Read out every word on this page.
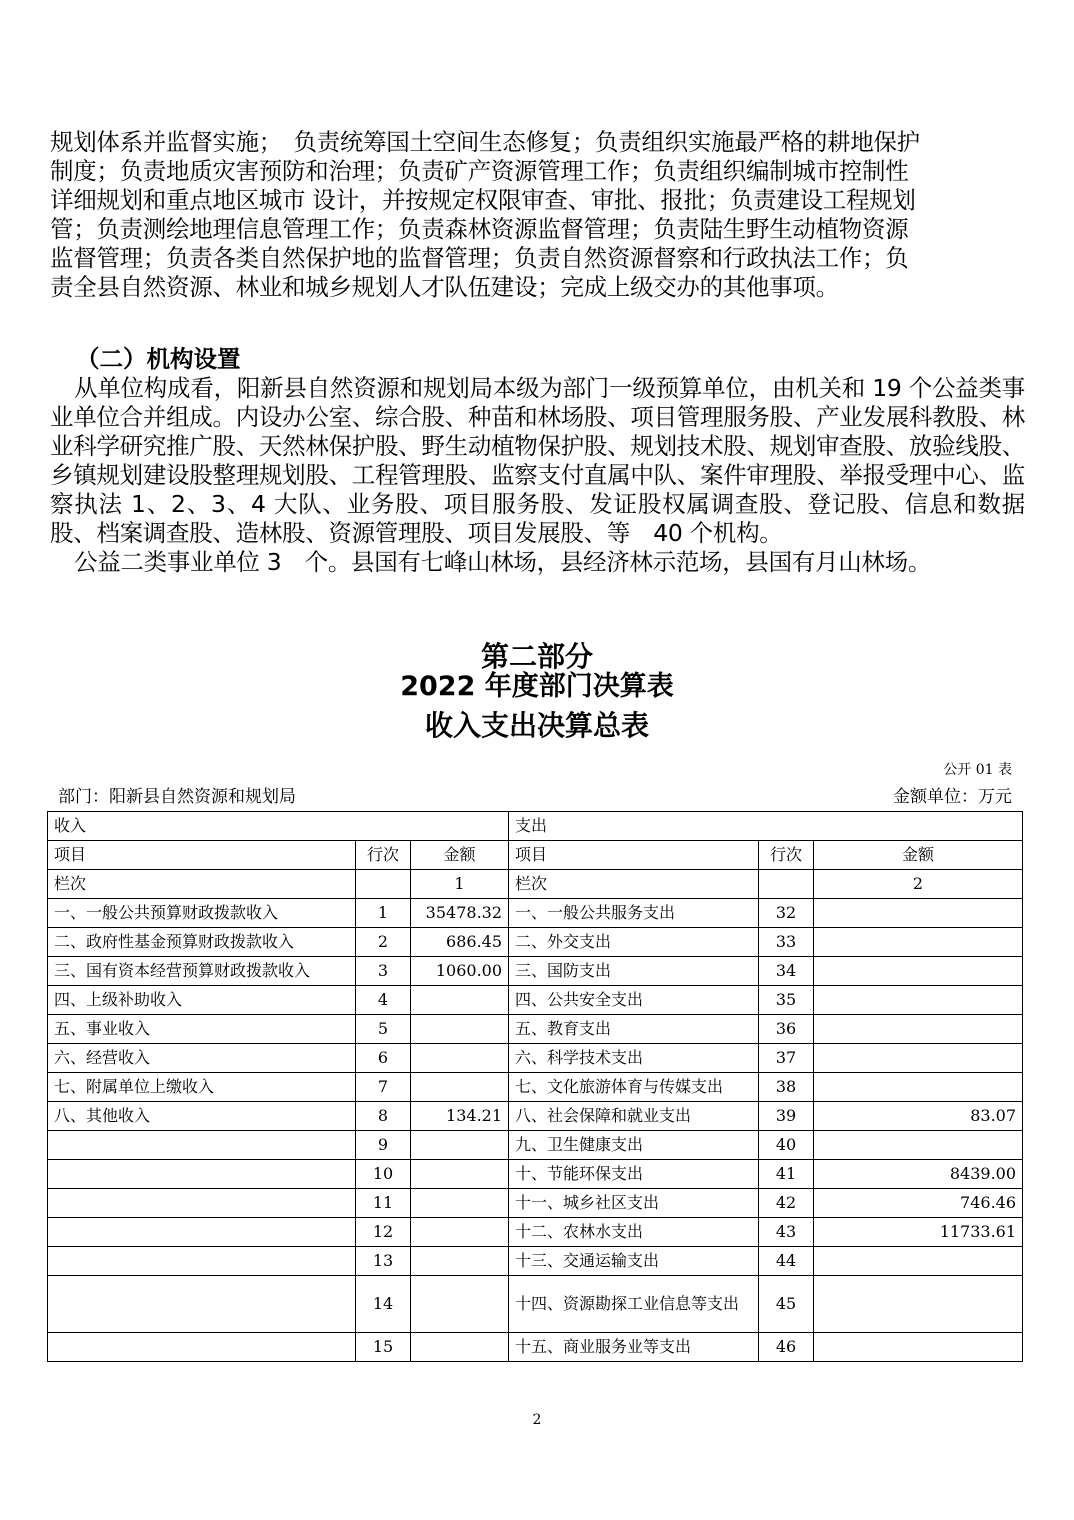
规划体系并监督实施；　负责统筹国土空间生态修复；负责组织实施最严格的耕地保护

制度；负责地质灾害预防和治理；负责矿产资源管理工作；负责组织编制城市控制性

详细规划和重点地区城市 设计，并按规定权限审查、审批、报批；负责建设工程规划

管；负责测绘地理信息管理工作；负责森林资源监督管理；负责陆生野生动植物资源

监督管理；负责各类自然保护地的监督管理；负责自然资源督察和行政执法工作；负

责全县自然资源、林业和城乡规划人才队伍建设；完成上级交办的其他事项。

（二）机构设置

从单位构成看，阳新县自然资源和规划局本级为部门一级预算单位，由机关和 19 个公益类事业单位合并组成。内设办公室、综合股、种苗和林场股、项目管理服务股、产业发展科教股、林业科学研究推广股、天然林保护股、野生动植物保护股、规划技术股、规划审查股、放验线股、乡镇规划建设股整理规划股、工程管理股、监察支付直属中队、案件审理股、举报受理中心、监察执法 1、2、3、4 大队、业务股、项目服务股、发证股权属调查股、登记股、信息和数据股、档案调查股、造林股、资源管理股、项目发展股、等　40 个机构。

公益二类事业单位 3　个。县国有七峰山林场，县经济林示范场，县国有月山林场。

第二部分
2022 年度部门决算表
收入支出决算总表
公开 01 表
部门：阳新县自然资源和规划局	金额单位：万元
收入			支出		
项目	行次	金额	项目	行次	金额
栏次		1	栏次		2
一、一般公共预算财政拨款收入	1	35478.32	一、一般公共服务支出	32	
二、政府性基金预算财政拨款收入	2	686.45	二、外交支出	33	
三、国有资本经营预算财政拨款收入	3	1060.00	三、国防支出	34	
四、上级补助收入	4		四、公共安全支出	35	
五、事业收入	5		五、教育支出	36	
六、经营收入	6		六、科学技术支出	37	
七、附属单位上缴收入	7		七、文化旅游体育与传媒支出	38	
八、其他收入	8	134.21	八、社会保障和就业支出	39	83.07
	9		九、卫生健康支出	40	
	10		十、节能环保支出	41	8439.00
	11		十一、城乡社区支出	42	746.46
	12		十二、农林水支出	43	11733.61
	13		十三、交通运输支出	44	
	14		十四、资源勘探工业信息等支出	45	
	15		十五、商业服务业等支出	46	
2
